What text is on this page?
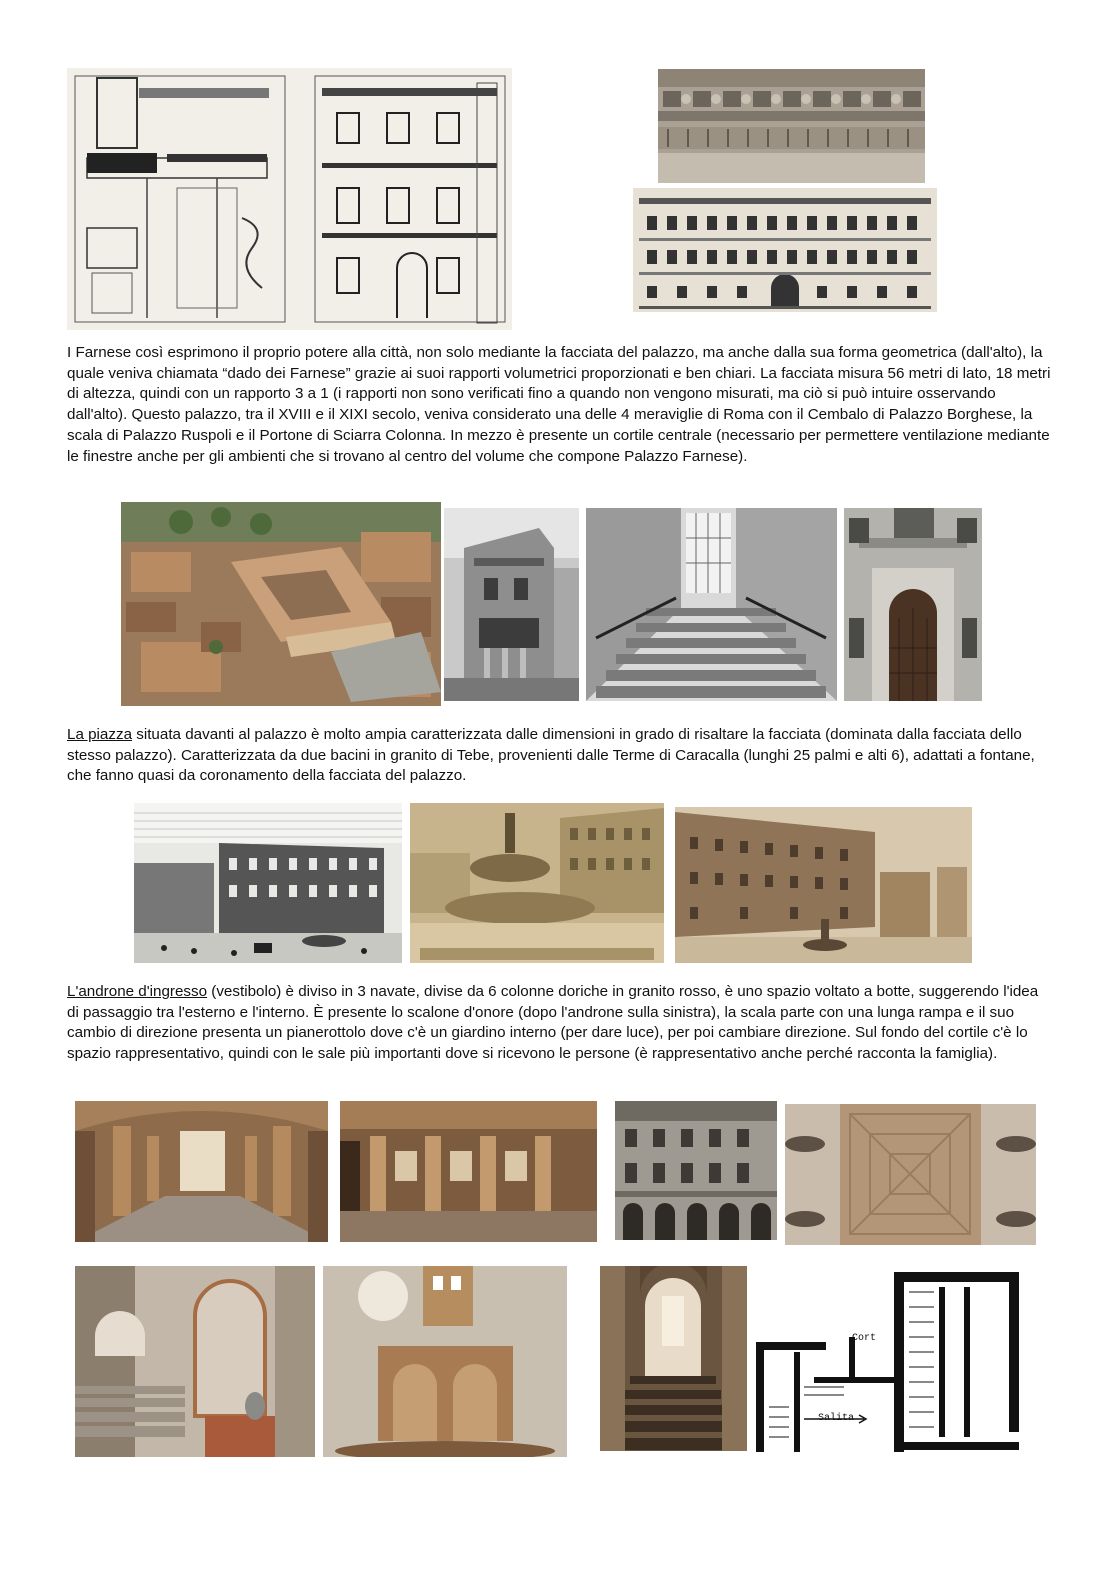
I Farnese così esprimono il proprio potere alla città, non solo mediante la facciata del palazzo, ma anche dalla sua forma geometrica (dall'alto), la quale veniva chiamata “dado dei Farnese” grazie ai suoi rapporti volumetrici proporzionati e ben chiari. La facciata misura 56 metri di lato, 18 metri di altezza, quindi con un rapporto 3 a 1 (i rapporti non sono verificati fino a quando non vengono misurati, ma ciò si può intuire osservando dall'alto). Questo palazzo, tra il XVIII e il XIXI secolo, veniva considerato una delle 4 meraviglie di Roma con il Cembalo di Palazzo Borghese, la scala di Palazzo Ruspoli e il Portone di Sciarra Colonna. In mezzo è presente un cortile centrale (necessario per permettere ventilazione mediante le finestre anche per gli ambienti che si trovano al centro del volume che compone Palazzo Farnese).

La piazza situata davanti al palazzo è molto ampia caratterizzata dalle dimensioni in grado di risaltare la facciata (dominata dalla facciata dello stesso palazzo). Caratterizzata da due bacini in granito di Tebe, provenienti dalle Terme di Caracalla (lunghi 25 palmi e alti 6), adattati a fontane, che fanno quasi da coronamento della facciata del palazzo.

L'androne d'ingresso (vestibolo) è diviso in 3 navate, divise da 6 colonne doriche in granito rosso, è uno spazio voltato a botte, suggerendo l'idea di passaggio tra l'esterno e l'interno. È presente lo scalone d'onore (dopo l'androne sulla sinistra), la scala parte con una lunga rampa e il suo cambio di direzione presenta un pianerottolo dove c'è un giardino interno (per dare luce), per poi cambiare direzione. Sul fondo del cortile c'è lo spazio rappresentativo, quindi con le sale più importanti dove si ricevono le persone (è rappresentativo anche perché racconta la famiglia).

Cort
Salita
